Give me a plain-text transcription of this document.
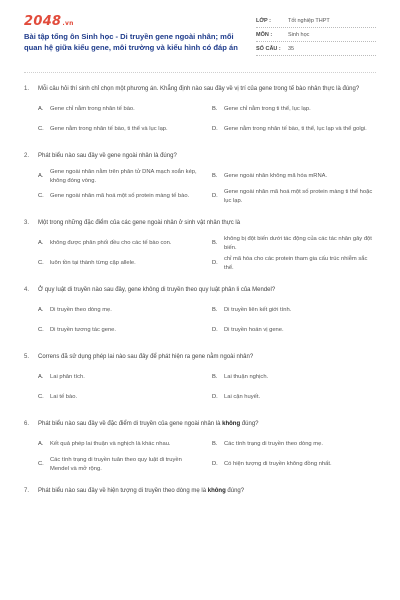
2048.vn
Bài tập tổng ôn Sinh học - Di truyền gene ngoài nhân; mối quan hệ giữa kiểu gene, môi trường và kiểu hình có đáp án
LỚP :	Tốt nghiệp THPT
MÔN :	Sinh học
SỐ CÂU :	35
1.	Mỗi câu hỏi thí sinh chỉ chọn một phương án. Khẳng định nào sau đây về vị trí của gene trong tế bào nhân thực là đúng?
A.	Gene chỉ nằm trong nhân tế bào.	B.	Gene chỉ nằm trong ti thể, lục lạp.
C.	Gene nằm trong nhân tế bào, ti thể và lục lạp.	D.	Gene nằm trong nhân tế bào, ti thể, lục lạp và thể golgi.
2.	Phát biểu nào sau đây về gene ngoài nhân là đúng?
A.
Gene ngoài nhân nằm trên phân tử DNA mạch xoắn kép, không đóng vòng.
B.	Gene ngoài nhân không mã hóa mRNA.
C.	Gene ngoài nhân mã hoá một số protein màng tế bào.	D.
Gene ngoài nhân mã hoá một số protein màng ti thể hoặc lục lạp.
3.	Một trong những đặc điểm của các gene ngoài nhân ở sinh vật nhân thực là
A.	không được phân phối đều cho các tế bào con.	B.
không bị đột biến dưới tác động của các tác nhân gây đột biến.
C.	luôn tồn tại thành từng cặp allele.	D.
chỉ mã hóa cho các protein tham gia cấu trúc nhiễm sắc thể.
4.	Ở quy luật di truyền nào sau đây, gene không di truyền theo quy luật phân li của Mendel?
A.	Di truyền theo dòng mẹ.	B.	Di truyền liên kết giới tính.
C.	Di truyền tương tác gene.	D.	Di truyền hoán vị gene.
5.	Correns đã sử dụng phép lai nào sau đây để phát hiện ra gene nằm ngoài nhân?
A.	Lai phân tích.	B.	Lai thuận nghịch.
C.	Lai tế bào.	D.	Lai cận huyết.
6.	Phát biểu nào sau đây về đặc điểm di truyền của gene ngoài nhân là không đúng?
A.	Kết quả phép lai thuận và nghịch là khác nhau.	B.	Các tính trạng di truyền theo dòng mẹ.
C.
Các tính trạng di truyền tuân theo quy luật di truyền Mendel và mở rộng.
D.	Có hiện tượng di truyền không đồng nhất.
7.	Phát biểu nào sau đây về hiện tượng di truyền theo dòng mẹ là không đúng?
